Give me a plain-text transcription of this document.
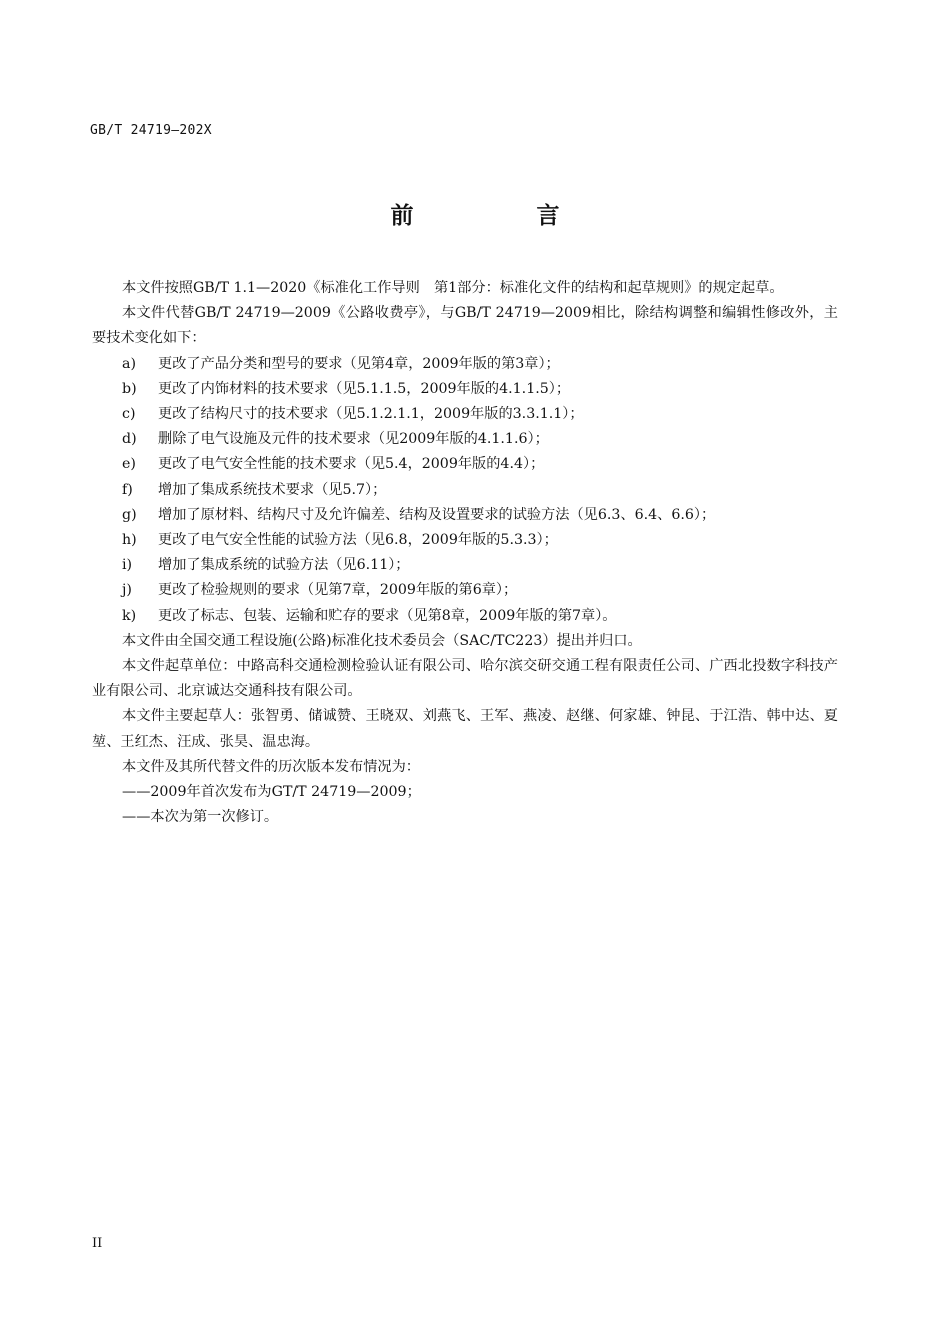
GB/T 24719—202X
前　言
本文件按照GB/T 1.1—2020《标准化工作导则　第1部分：标准化文件的结构和起草规则》的规定起草。
本文件代替GB/T 24719—2009《公路收费亭》，与GB/T 24719—2009相比，除结构调整和编辑性修改外，主要技术变化如下：
a) 更改了产品分类和型号的要求（见第4章，2009年版的第3章）；
b) 更改了内饰材料的技术要求（见5.1.1.5，2009年版的4.1.1.5）；
c) 更改了结构尺寸的技术要求（见5.1.2.1.1，2009年版的3.3.1.1）；
d) 删除了电气设施及元件的技术要求（见2009年版的4.1.1.6）；
e) 更改了电气安全性能的技术要求（见5.4，2009年版的4.4）；
f) 增加了集成系统技术要求（见5.7）；
g) 增加了原材料、结构尺寸及允许偏差、结构及设置要求的试验方法（见6.3、6.4、6.6）；
h) 更改了电气安全性能的试验方法（见6.8，2009年版的5.3.3）；
i) 增加了集成系统的试验方法（见6.11）；
j) 更改了检验规则的要求（见第7章，2009年版的第6章）；
k) 更改了标志、包装、运输和贮存的要求（见第8章，2009年版的第7章）。
本文件由全国交通工程设施(公路)标准化技术委员会（SAC/TC223）提出并归口。
本文件起草单位：中路高科交通检测检验认证有限公司、哈尔滨交研交通工程有限责任公司、广西北投数字科技产业有限公司、北京诚达交通科技有限公司。
本文件主要起草人：张智勇、储诚赞、王晓双、刘燕飞、王军、燕凌、赵继、何家雄、钟昆、于江浩、韩中达、夏堃、王红杰、汪成、张昊、温忠海。
本文件及其所代替文件的历次版本发布情况为：
——2009年首次发布为GT/T 24719—2009；
——本次为第一次修订。
II
